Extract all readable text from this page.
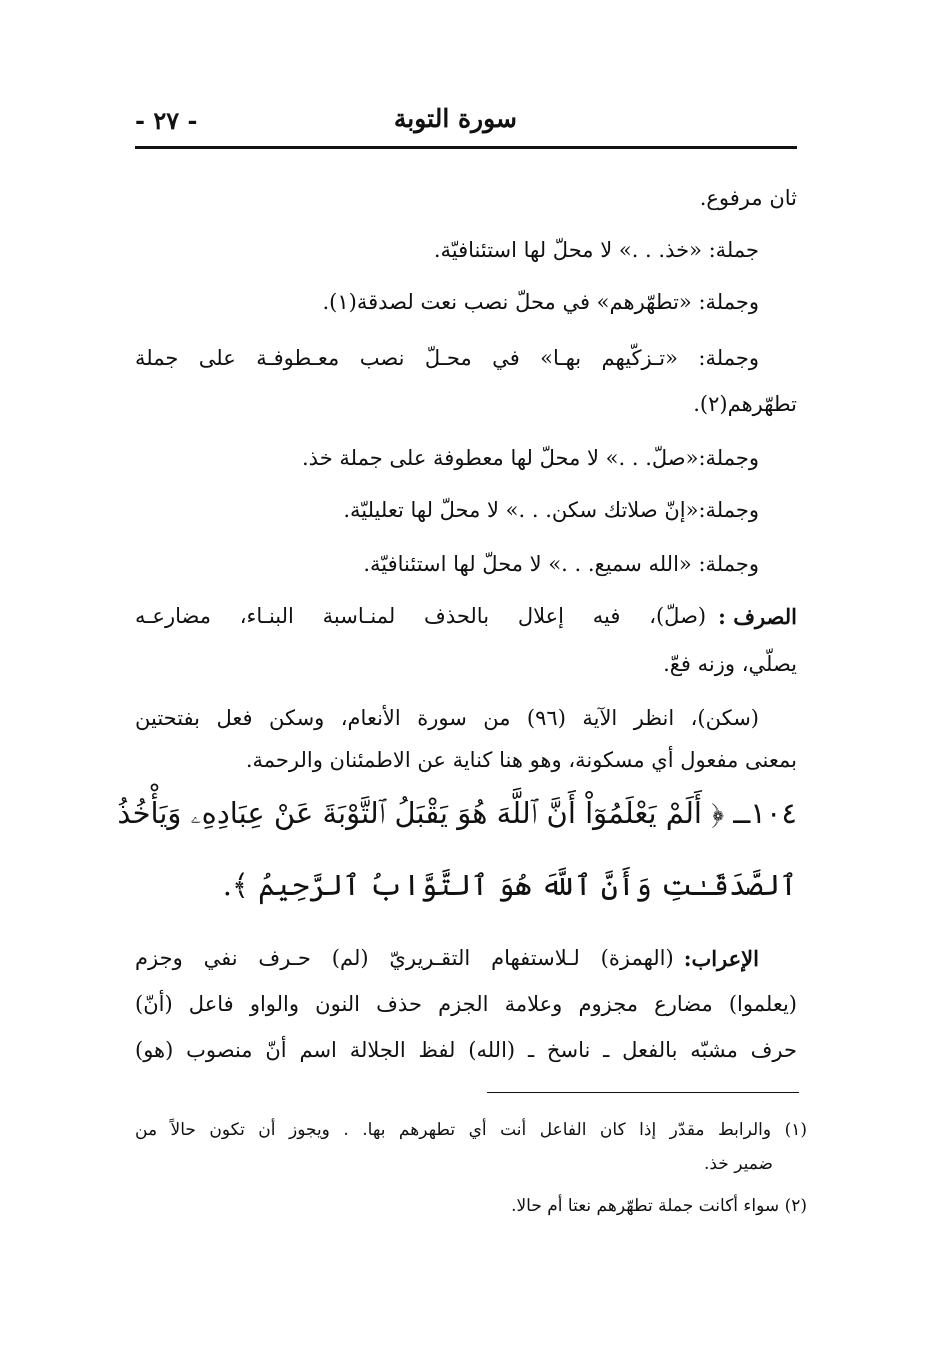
سورة التوبة
- ٢٧ -
ثان مرفوع.
جملة: «خذ. . .» لا محلّ لها استئنافيّة.
وجملة: «تطهّرهم» في محلّ نصب نعت لصدقة(١).
وجملة: «تـزكّيهم بهـا» في محـلّ نصب معـطوفـة على جملة
تطهّرهم(٢).
وجملة:«صلّ. . .» لا محلّ لها معطوفة على جملة خذ.
وجملة:«إنّ صلاتك سكن. . .» لا محلّ لها تعليليّة.
وجملة: «الله سميع. . .» لا محلّ لها استئنافيّة.
الصرف :
(صلّ)، فيه إعلال بالحذف لمنـاسبة البنـاء، مضارعـه
يصلّي، وزنه فعّ.
(سكن)، انظر الآية (٩٦) من سورة الأنعام، وسكن فعل بفتحتين
بمعنى مفعول أي مسكونة، وهو هنا كناية عن الاطمئنان والرحمة.
١٠٤ــ ﴿ أَلَمْ يَعْلَمُوٓاْ أَنَّ ٱللَّهَ هُوَ يَقْبَلُ ٱلتَّوْبَةَ عَنْ عِبَادِهِۦ وَيَأْخُذُ
ٱلصَّدَقَـٰتِ وَأَنَّ ٱللَّهَ هُوَ ٱلتَّوَّابُ ٱلرَّحِيمُ ﴾.
الإعراب:
(الهمزة) لـلاستفهام التقـريريّ (لم) حـرف نفي وجزم
(يعلموا) مضارع مجزوم وعلامة الجزم حذف النون والواو فاعل (أنّ)
حرف مشبّه بالفعل ـ ناسخ ـ (الله) لفظ الجلالة اسم أنّ منصوب (هو)
(١) والرابط مقدّر إذا كان الفاعل أنت أي تطهرهم بها. . ويجوز أن تكون حالاً من
ضمير خذ.
(٢) سواء أكانت جملة تطهّرهم نعتا أم حالا.
